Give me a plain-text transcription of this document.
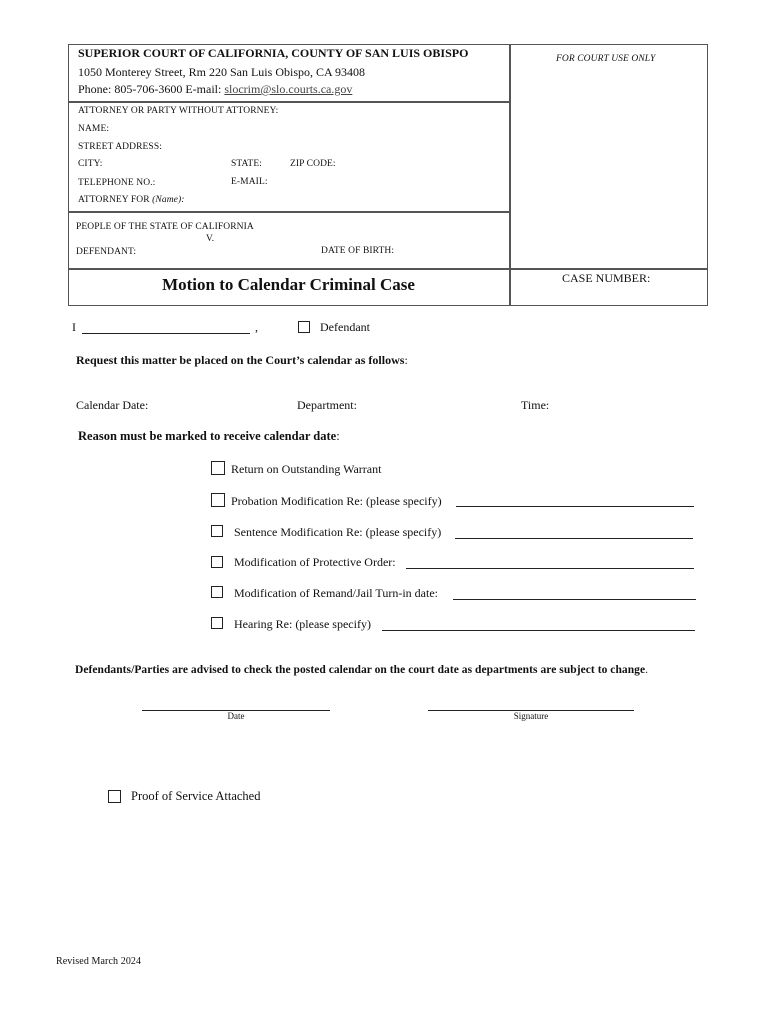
SUPERIOR COURT OF CALIFORNIA, COUNTY OF SAN LUIS OBISPO
1050 Monterey Street, Rm 220 San Luis Obispo, CA 93408
Phone: 805-706-3600 E-mail: slocrim@slo.courts.ca.gov
FOR COURT USE ONLY
ATTORNEY OR PARTY WITHOUT ATTORNEY:
NAME:
STREET ADDRESS:
CITY:	STATE:	ZIP CODE:
TELEPHONE NO.:	E-MAIL:
ATTORNEY FOR (Name):
PEOPLE OF THE STATE OF CALIFORNIA
V.
DEFENDANT:	DATE OF BIRTH:
Motion to Calendar Criminal Case	CASE NUMBER:
I	,	Defendant
Request this matter be placed on the Court’s calendar as follows:
Calendar Date:	Department:	Time:
Reason must be marked to receive calendar date:
Return on Outstanding Warrant
Probation Modification Re: (please specify)
Sentence Modification Re: (please specify)
Modification of Protective Order:
Modification of Remand/Jail Turn-in date:
Hearing Re: (please specify)
Defendants/Parties are advised to check the posted calendar on the court date as departments are subject to change.
Date	Signature
Proof of Service Attached
Revised March 2024
